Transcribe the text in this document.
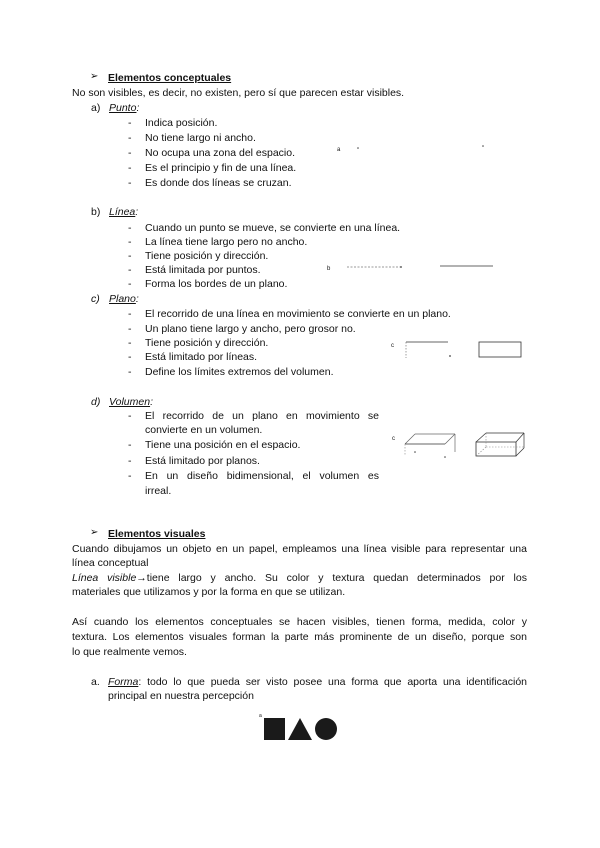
➢ Elementos conceptuales
No son visibles, es decir, no existen, pero sí que parecen estar visibles.
a) Punto:
- Indica posición.
- No tiene largo ni ancho.
- No ocupa una zona del espacio.
- Es el principio y fin de una línea.
- Es donde dos líneas se cruzan.
a
b) Línea:
- Cuando un punto se mueve, se convierte en una línea.
- La línea tiene largo pero no ancho.
- Tiene posición y dirección.
- Está limitada por puntos.
- Forma los bordes de un plano.
b
c) Plano:
- El recorrido de una línea en movimiento se convierte en un plano.
- Un plano tiene largo y ancho, pero grosor no.
- Tiene posición y dirección.
- Está limitado por líneas.
- Define los límites extremos del volumen.
c
d) Volumen:
- El recorrido de un plano en movimiento se
convierte en un volumen.
- Tiene una posición en el espacio.
- Está limitado por planos.
- En un diseño bidimensional, el volumen es
irreal.
c
➢ Elementos visuales
Cuando dibujamos un objeto en un papel, empleamos una línea visible para representar una
línea conceptual
Línea visible→tiene largo y ancho. Su color y textura quedan determinados por los
materiales que utilizamos y por la forma en que se utilizan.
Así cuando los elementos conceptuales se hacen visibles, tienen forma, medida, color y
textura. Los elementos visuales forman la parte más prominente de un diseño, porque son
lo que realmente vemos.
a. Forma: todo lo que pueda ser visto posee una forma que aporta una identificación
principal en nuestra percepción
a
